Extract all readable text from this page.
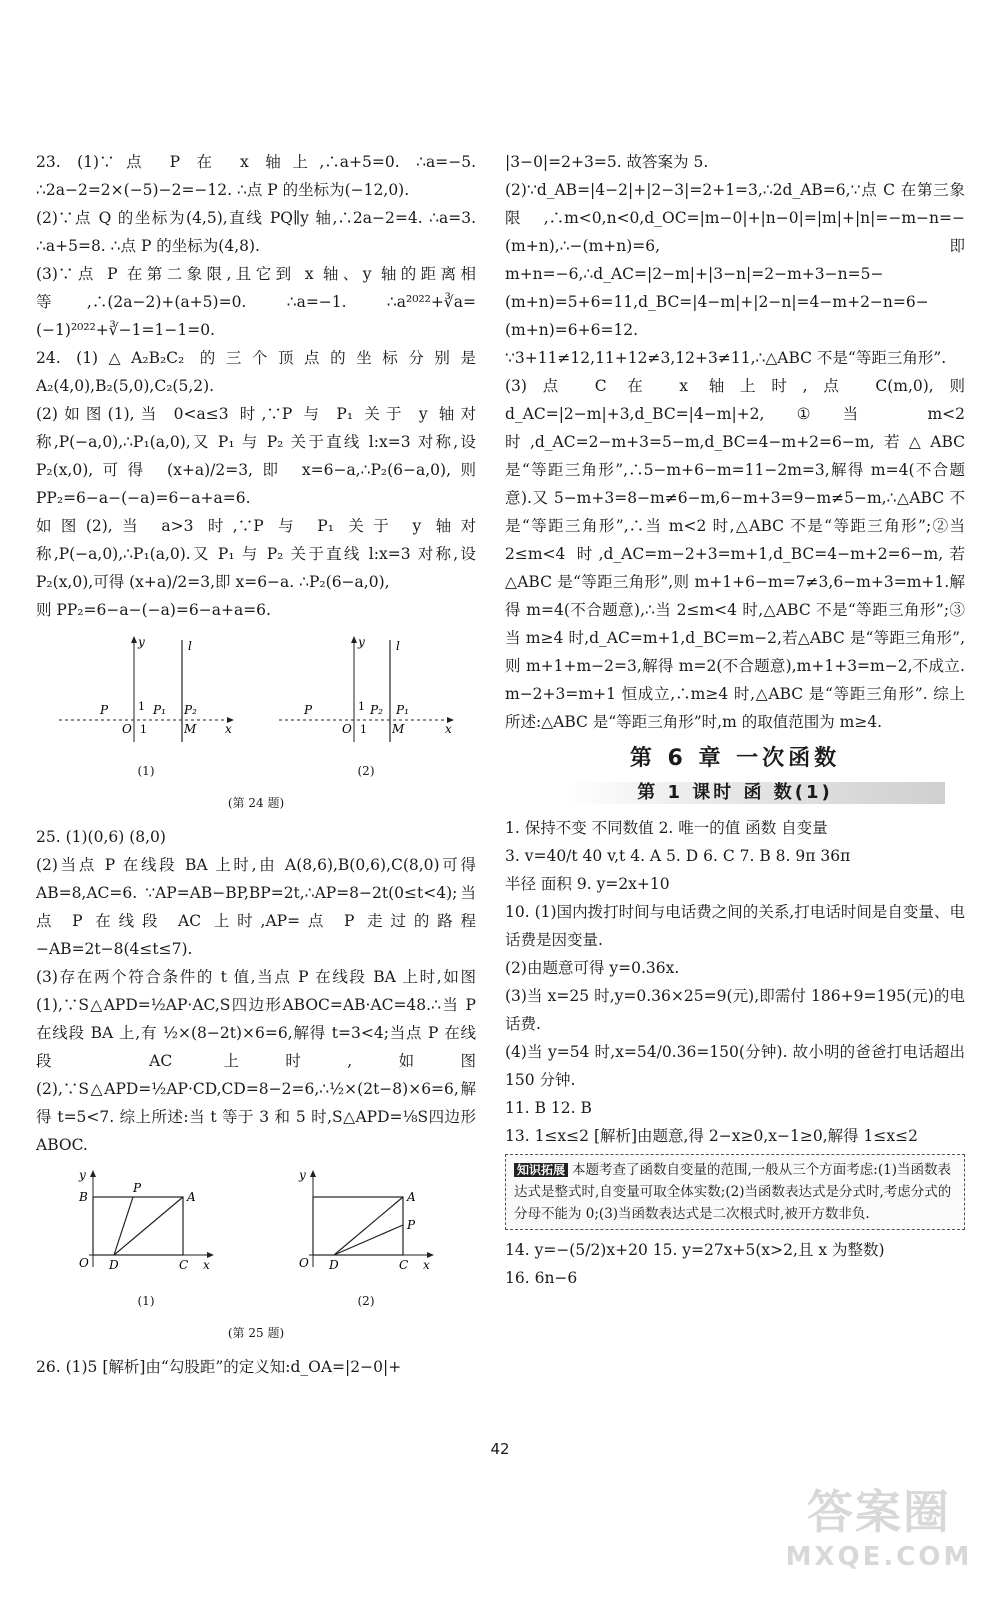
23. (1)∵点 P 在 x 轴上,∴a+5=0. ∴a=−5. ∴2a−2=2×(−5)−2=−12. ∴点 P 的坐标为(−12,0).

(2)∵点 Q 的坐标为(4,5),直线 PQ∥y 轴,∴2a−2=4. ∴a=3. ∴a+5=8. ∴点 P 的坐标为(4,8).

(3)∵点 P 在第二象限,且它到 x 轴、y 轴的距离相等,∴(2a−2)+(a+5)=0. ∴a=−1. ∴a²⁰²²+∛a=(−1)²⁰²²+∛−1=1−1=0.

24. (1)△A₂B₂C₂ 的三个顶点的坐标分别是 A₂(4,0),B₂(5,0),C₂(5,2).

(2)如图(1),当 0<a≤3 时,∵P 与 P₁ 关于 y 轴对称,P(−a,0),∴P₁(a,0),又 P₁ 与 P₂ 关于直线 l:x=3 对称,设 P₂(x,0),可得 (x+a)/2=3,即 x=6−a,∴P₂(6−a,0),则 PP₂=6−a−(−a)=6−a+a=6.

如图(2),当 a>3 时,∵P 与 P₁ 关于 y 轴对称,P(−a,0),∴P₁(a,0).又 P₁ 与 P₂ 关于直线 l:x=3 对称,设 P₂(x,0),可得 (x+a)/2=3,即 x=6−a. ∴P₂(6−a,0),

则 PP₂=6−a−(−a)=6−a+a=6.

y	l
x
O
1
1	M
P	P₁ P₂
(1)
y	l
x
O
1
1 M
P	P₂ P₁
(2)
(第 24 题)

25. (1)(0,6) (8,0)

(2)当点 P 在线段 BA 上时,由 A(8,6),B(0,6),C(8,0)可得 AB=8,AC=6. ∵AP=AB−BP,BP=2t,∴AP=8−2t(0≤t<4);当点 P 在线段 AC 上时,AP=点 P 走过的路程−AB=2t−8(4≤t≤7).

(3)存在两个符合条件的 t 值,当点 P 在线段 BA 上时,如图(1),∵S△APD=½AP·AC,S四边形ABOC=AB·AC=48.∴当 P 在线段 BA 上,有 ½×(8−2t)×6=6,解得 t=3<4;当点 P 在线段 AC 上时,如图(2),∵S△APD=½AP·CD,CD=8−2=6,∴½×(2t−8)×6=6,解得 t=5<7. 综上所述:当 t 等于 3 和 5 时,S△APD=⅛S四边形ABOC.

y
B
P
A
O D	C x
(1)
y
A
P
O D	C x
(2)
(第 25 题)

26. (1)5 [解析]由“勾股距”的定义知:d_OA=|2−0|+

|3−0|=2+3=5. 故答案为 5.

(2)∵d_AB=|4−2|+|2−3|=2+1=3,∴2d_AB=6,∵点 C 在第三象限,∴m<0,n<0,d_OC=|m−0|+|n−0|=|m|+|n|=−m−n=−(m+n),∴−(m+n)=6,即 m+n=−6,∴d_AC=|2−m|+|3−n|=2−m+3−n=5−(m+n)=5+6=11,d_BC=|4−m|+|2−n|=4−m+2−n=6−(m+n)=6+6=12.

∵3+11≠12,11+12≠3,12+3≠11,∴△ABC 不是“等距三角形”.

(3)点 C 在 x 轴上时,点 C(m,0),则 d_AC=|2−m|+3,d_BC=|4−m|+2,①当 m<2 时,d_AC=2−m+3=5−m,d_BC=4−m+2=6−m,若△ABC 是“等距三角形”,∴5−m+6−m=11−2m=3,解得 m=4(不合题意).又 5−m+3=8−m≠6−m,6−m+3=9−m≠5−m,∴△ABC 不是“等距三角形”,∴当 m<2 时,△ABC 不是“等距三角形”;②当 2≤m<4 时,d_AC=m−2+3=m+1,d_BC=4−m+2=6−m,若△ABC 是“等距三角形”,则 m+1+6−m=7≠3,6−m+3=m+1.解得 m=4(不合题意),∴当 2≤m<4 时,△ABC 不是“等距三角形”;③当 m≥4 时,d_AC=m+1,d_BC=m−2,若△ABC 是“等距三角形”,则 m+1+m−2=3,解得 m=2(不合题意),m+1+3=m−2,不成立. m−2+3=m+1 恒成立,∴m≥4 时,△ABC 是“等距三角形”. 综上所述:△ABC 是“等距三角形”时,m 的取值范围为 m≥4.

第 6 章 一次函数
第 1 课时 函 数(1)

1. 保持不变 不同数值 2. 唯一的值 函数 自变量

3. v=40/t 40 v,t 4. A 5. D 6. C 7. B 8. 9π 36π

半径 面积 9. y=2x+10

10. (1)国内拨打时间与电话费之间的关系,打电话时间是自变量、电话费是因变量.

(2)由题意可得 y=0.36x.

(3)当 x=25 时,y=0.36×25=9(元),即需付 186+9=195(元)的电话费.

(4)当 y=54 时,x=54/0.36=150(分钟). 故小明的爸爸打电话超出 150 分钟.

11. B 12. B

13. 1≤x≤2 [解析]由题意,得 2−x≥0,x−1≥0,解得 1≤x≤2

知识拓展 本题考查了函数自变量的范围,一般从三个方面考虑:(1)当函数表达式是整式时,自变量可取全体实数;(2)当函数表达式是分式时,考虑分式的分母不能为 0;(3)当函数表达式是二次根式时,被开方数非负.

14. y=−(5/2)x+20 15. y=27x+5(x>2,且 x 为整数)

16. 6n−6

42
答案圈
MXQE.COM
